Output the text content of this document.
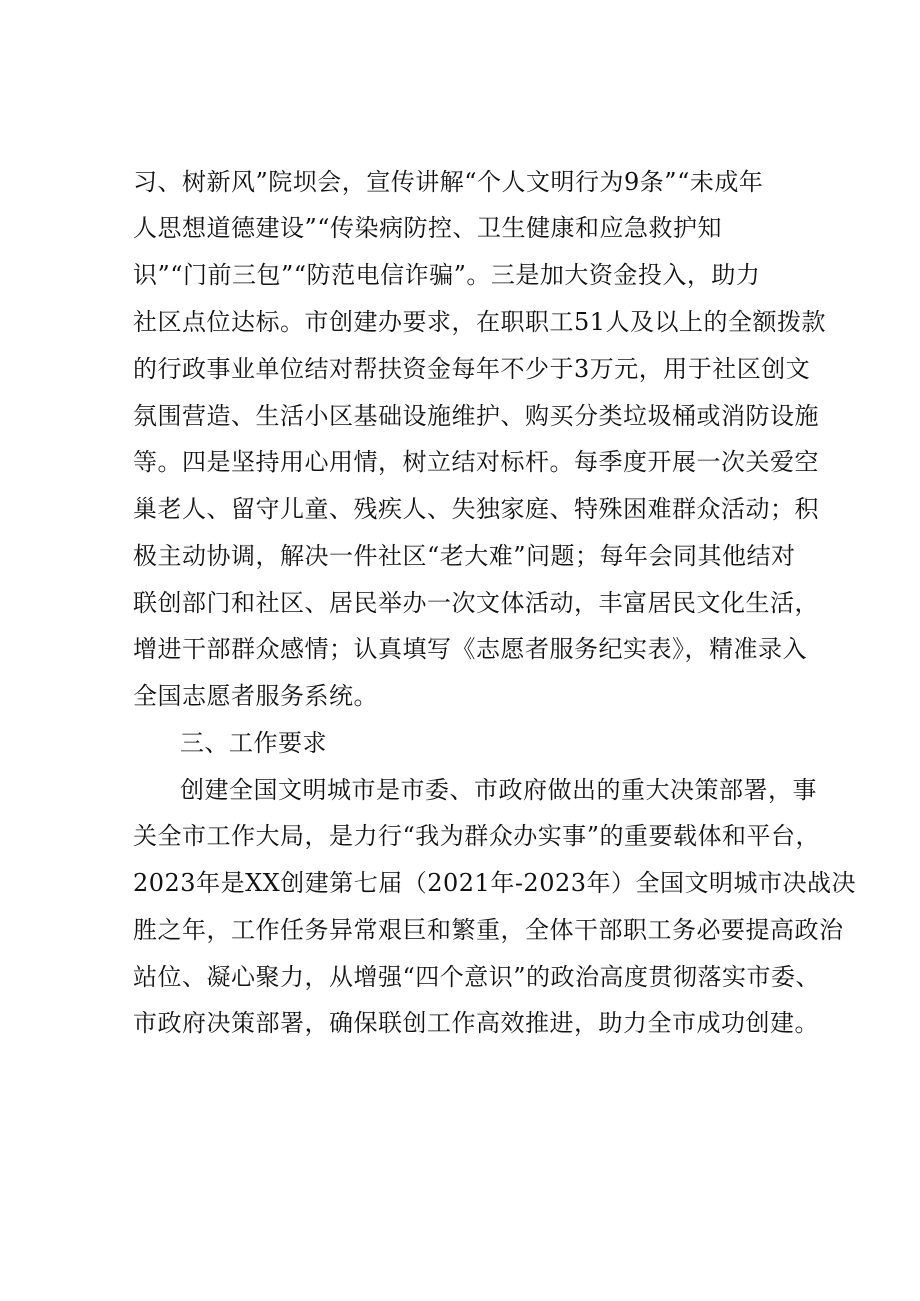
习、树新风”院坝会，宣传讲解“个人文明行为9条”“未成年
人思想道德建设”“传染病防控、卫生健康和应急救护知
识”“门前三包”“防范电信诈骗”。三是加大资金投入，助力
社区点位达标。市创建办要求，在职职工51人及以上的全额拨款
的行政事业单位结对帮扶资金每年不少于3万元，用于社区创文
氛围营造、生活小区基础设施维护、购买分类垃圾桶或消防设施
等。四是坚持用心用情，树立结对标杆。每季度开展一次关爱空
巢老人、留守儿童、残疾人、失独家庭、特殊困难群众活动；积
极主动协调，解决一件社区“老大难”问题；每年会同其他结对
联创部门和社区、居民举办一次文体活动，丰富居民文化生活，
增进干部群众感情；认真填写《志愿者服务纪实表》，精准录入
全国志愿者服务系统。
三、工作要求
创建全国文明城市是市委、市政府做出的重大决策部署，事
关全市工作大局，是力行“我为群众办实事”的重要载体和平台，
2023年是XX创建第七届（2021年-2023年）全国文明城市决战决
胜之年，工作任务异常艰巨和繁重，全体干部职工务必要提高政治
站位、凝心聚力，从增强“四个意识”的政治高度贯彻落实市委、
市政府决策部署，确保联创工作高效推进，助力全市成功创建。
